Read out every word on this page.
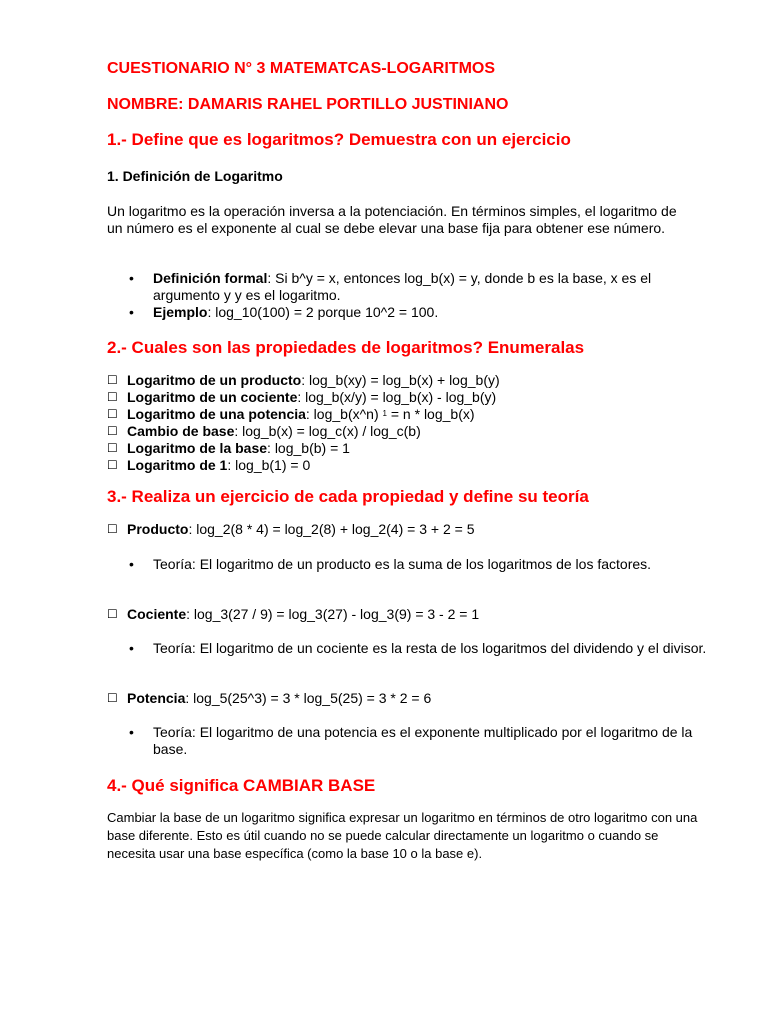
CUESTIONARIO N° 3 MATEMATCAS-LOGARITMOS
NOMBRE: DAMARIS RAHEL PORTILLO JUSTINIANO
1.- Define que es logaritmos? Demuestra con un ejercicio
1. Definición de Logaritmo
Un logaritmo es la operación inversa a la potenciación. En términos simples, el logaritmo de un número es el exponente al cual se debe elevar una base fija para obtener ese número.
• Definición formal: Si b^y = x, entonces log_b(x) = y, donde b es la base, x es el argumento y y es el logaritmo.
• Ejemplo: log_10(100) = 2 porque 10^2 = 100.
2.- Cuales son las propiedades de logaritmos? Enumeralas
☐ Logaritmo de un producto: log_b(xy) = log_b(x) + log_b(y)
☐ Logaritmo de un cociente: log_b(x/y) = log_b(x) - log_b(y)
☐ Logaritmo de una potencia: log_b(x^n) $^1$ = n * log_b(x)
☐ Cambio de base: log_b(x) = log_c(x) / log_c(b)
☐ Logaritmo de la base: log_b(b) = 1
☐ Logaritmo de 1: log_b(1) = 0
3.- Realiza un ejercicio de cada propiedad y define su teoría
☐ Producto: log_2(8 * 4) = log_2(8) + log_2(4) = 3 + 2 = 5
• Teoría: El logaritmo de un producto es la suma de los logaritmos de los factores.
☐ Cociente: log_3(27 / 9) = log_3(27) - log_3(9) = 3 - 2 = 1
• Teoría: El logaritmo de un cociente es la resta de los logaritmos del dividendo y el divisor.
☐ Potencia: log_5(25^3) = 3 * log_5(25) = 3 * 2 = 6
• Teoría: El logaritmo de una potencia es el exponente multiplicado por el logaritmo de la base.
4.- Qué significa CAMBIAR BASE
Cambiar la base de un logaritmo significa expresar un logaritmo en términos de otro logaritmo con una base diferente. Esto es útil cuando no se puede calcular directamente un logaritmo o cuando se necesita usar una base específica (como la base 10 o la base e).
